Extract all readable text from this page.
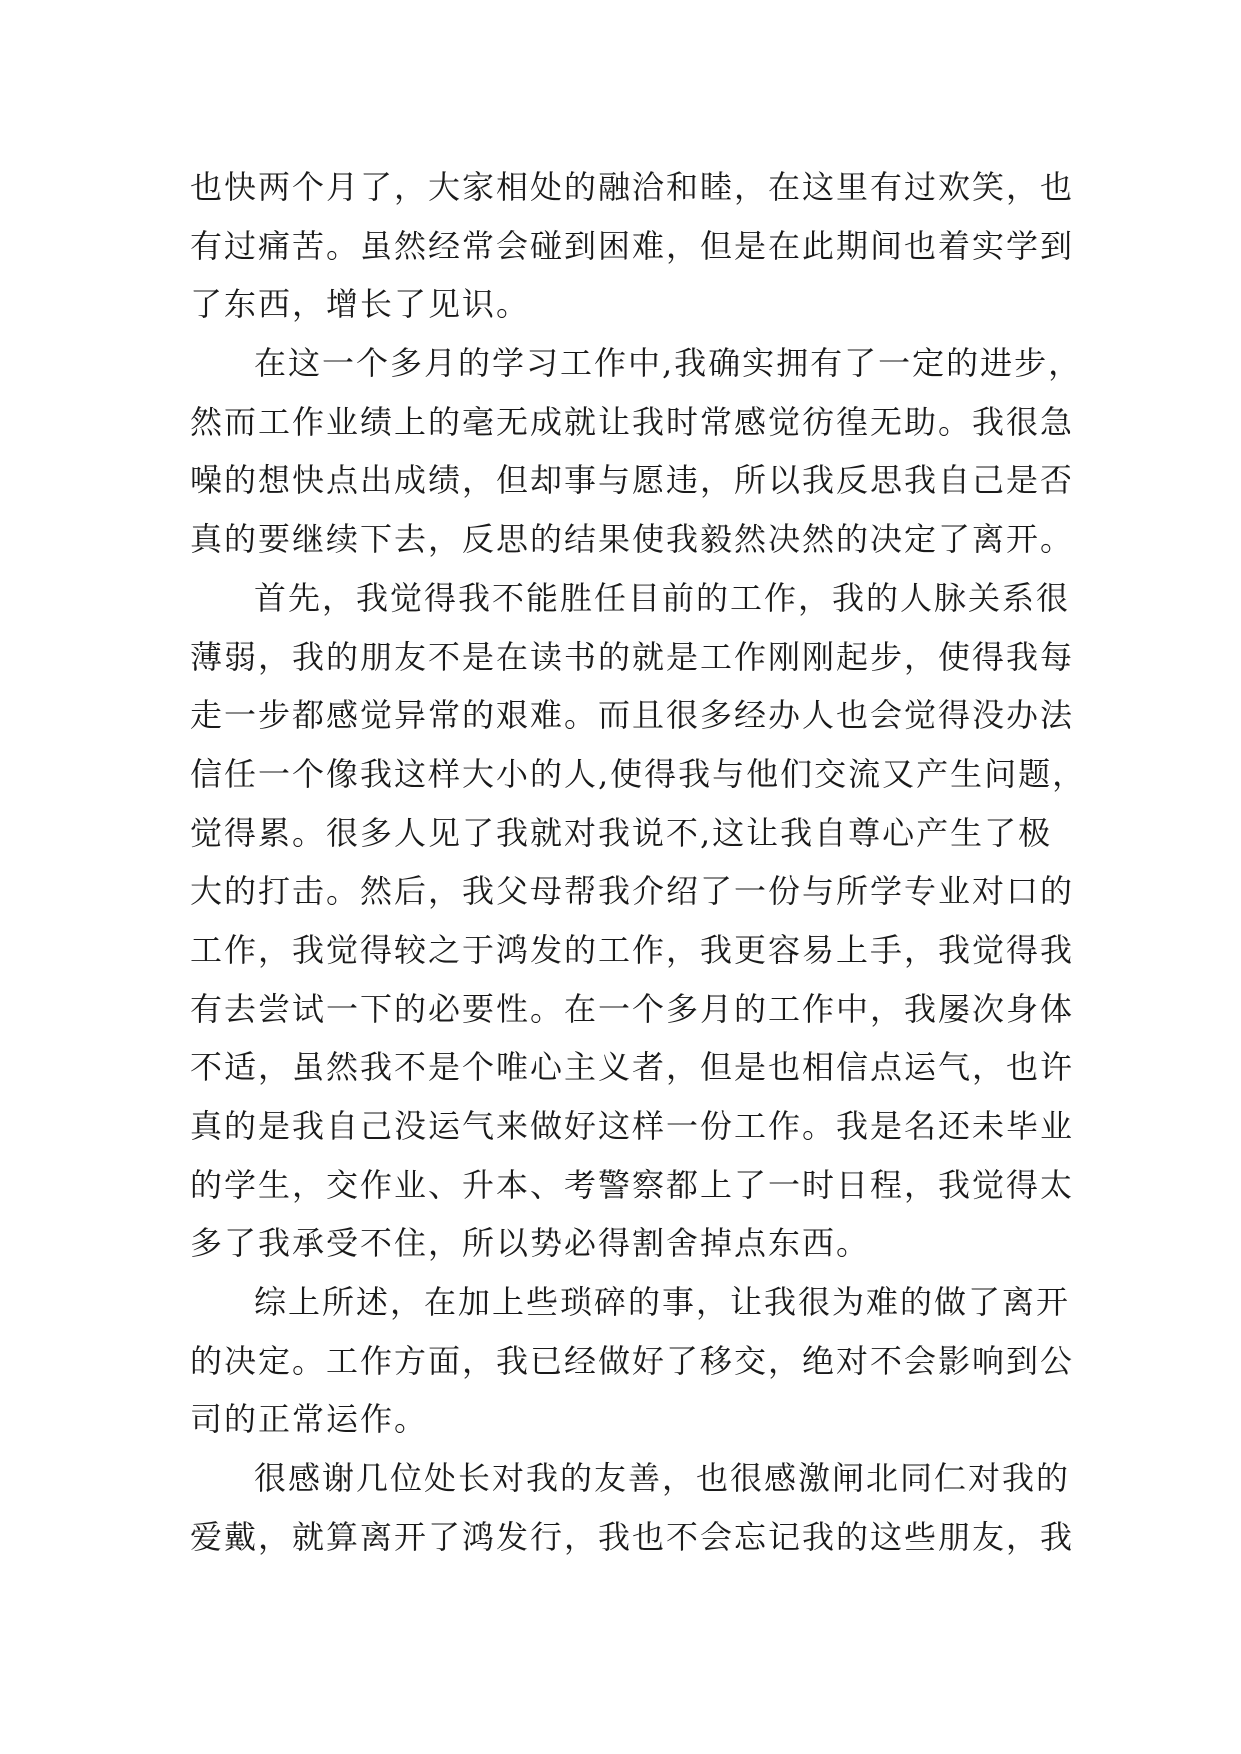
也快两个月了，大家相处的融洽和睦，在这里有过欢笑，也
有过痛苦。虽然经常会碰到困难，但是在此期间也着实学到
了东西，增长了见识。
在这一个多月的学习工作中,我确实拥有了一定的进步，
然而工作业绩上的毫无成就让我时常感觉彷徨无助。我很急
噪的想快点出成绩，但却事与愿违，所以我反思我自己是否
真的要继续下去，反思的结果使我毅然决然的决定了离开。
首先，我觉得我不能胜任目前的工作，我的人脉关系很
薄弱，我的朋友不是在读书的就是工作刚刚起步，使得我每
走一步都感觉异常的艰难。而且很多经办人也会觉得没办法
信任一个像我这样大小的人,使得我与他们交流又产生问题，
觉得累。很多人见了我就对我说不,这让我自尊心产生了极
大的打击。然后，我父母帮我介绍了一份与所学专业对口的
工作，我觉得较之于鸿发的工作，我更容易上手，我觉得我
有去尝试一下的必要性。在一个多月的工作中，我屡次身体
不适，虽然我不是个唯心主义者，但是也相信点运气，也许
真的是我自己没运气来做好这样一份工作。我是名还未毕业
的学生，交作业、升本、考警察都上了一时日程，我觉得太
多了我承受不住，所以势必得割舍掉点东西。
综上所述，在加上些琐碎的事，让我很为难的做了离开
的决定。工作方面，我已经做好了移交，绝对不会影响到公
司的正常运作。
很感谢几位处长对我的友善，也很感激闸北同仁对我的
爱戴，就算离开了鸿发行，我也不会忘记我的这些朋友，我
